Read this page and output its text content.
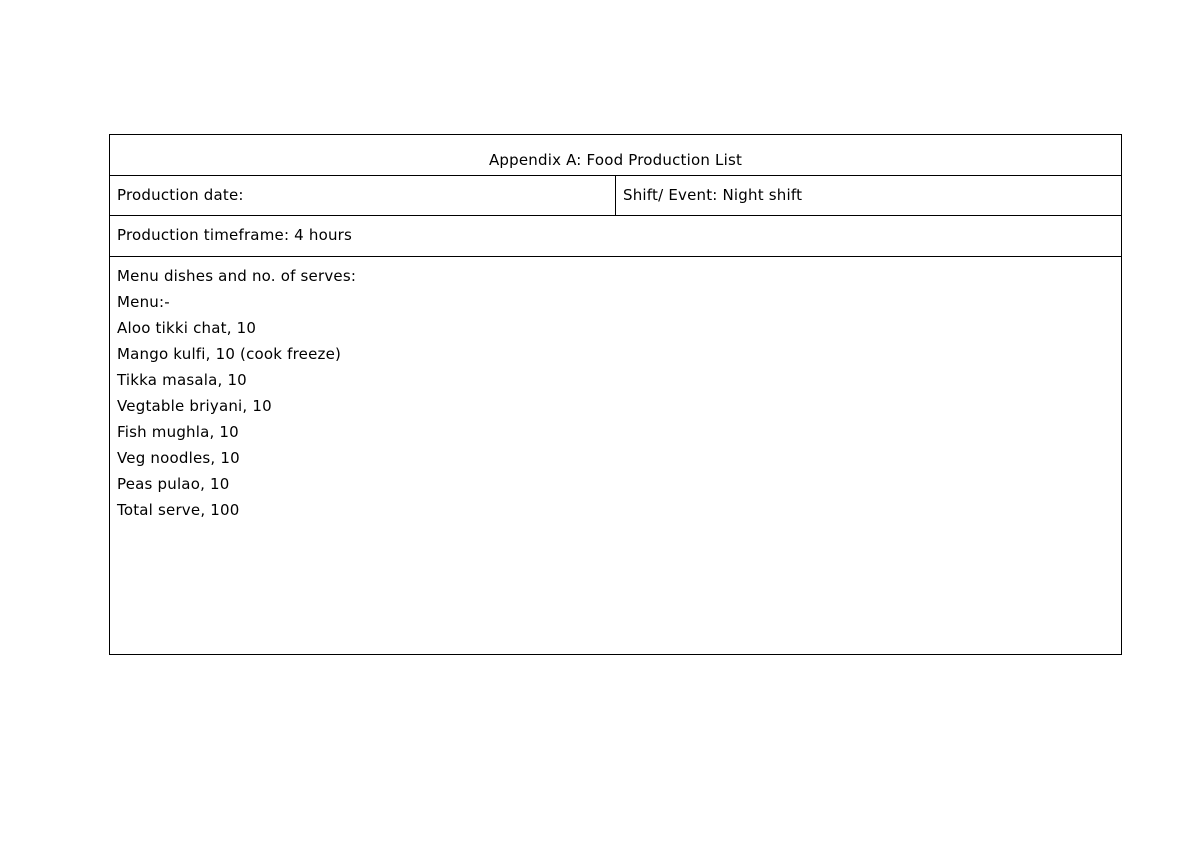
Appendix A: Food Production List
Production date:	Shift/ Event: Night shift
Production timeframe: 4 hours
Menu dishes and no. of serves:
Menu:-
Aloo tikki chat, 10
Mango kulfi, 10 (cook freeze)
Tikka masala, 10
Vegtable briyani, 10
Fish mughla, 10
Veg noodles, 10
Peas pulao, 10
Total serve, 100
